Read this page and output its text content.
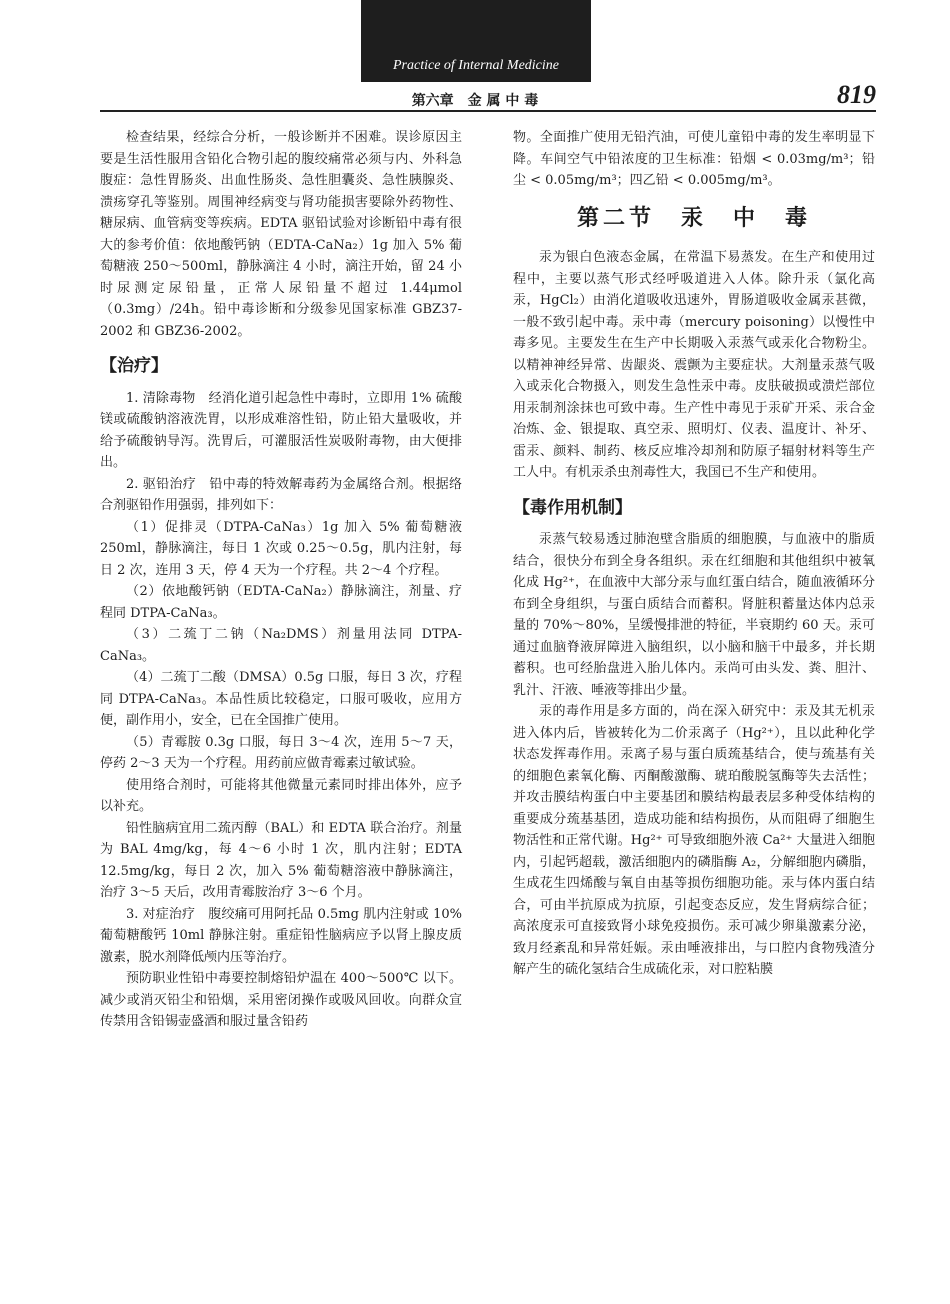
Practice of Internal Medicine
第六章　金 属 中 毒	819

检查结果，经综合分析，一般诊断并不困难。误诊原因主要是生活性服用含铅化合物引起的腹绞痛常必须与内、外科急腹症：急性胃肠炎、出血性肠炎、急性胆囊炎、急性胰腺炎、溃疡穿孔等鉴别。周围神经病变与肾功能损害要除外药物性、糖尿病、血管病变等疾病。EDTA 驱铅试验对诊断铅中毒有很大的参考价值：依地酸钙钠（EDTA-CaNa₂）1g 加入 5% 葡萄糖液 250～500ml，静脉滴注 4 小时，滴注开始，留 24 小时尿测定尿铅量，正常人尿铅量不超过 1.44μmol（0.3mg）/24h。铅中毒诊断和分级参见国家标准 GBZ37-2002 和 GBZ36-2002。

【治疗】

1. 清除毒物　经消化道引起急性中毒时，立即用 1% 硫酸镁或硫酸钠溶液洗胃，以形成难溶性铅，防止铅大量吸收，并给予硫酸钠导泻。洗胃后，可灌服活性炭吸附毒物，由大便排出。

2. 驱铅治疗　铅中毒的特效解毒药为金属络合剂。根据络合剂驱铅作用强弱，排列如下：

（1）促排灵（DTPA-CaNa₃）1g 加入 5% 葡萄糖液 250ml，静脉滴注，每日 1 次或 0.25～0.5g，肌内注射，每日 2 次，连用 3 天，停 4 天为一个疗程。共 2～4 个疗程。

（2）依地酸钙钠（EDTA-CaNa₂）静脉滴注，剂量、疗程同 DTPA-CaNa₃。

（3）二巯丁二钠（Na₂DMS）剂量用法同 DTPA-CaNa₃。

（4）二巯丁二酸（DMSA）0.5g 口服，每日 3 次，疗程同 DTPA-CaNa₃。本品性质比较稳定，口服可吸收，应用方便，副作用小，安全，已在全国推广使用。

（5）青霉胺 0.3g 口服，每日 3～4 次，连用 5～7 天，停药 2～3 天为一个疗程。用药前应做青霉素过敏试验。

使用络合剂时，可能将其他微量元素同时排出体外，应予以补充。

铅性脑病宜用二巯丙醇（BAL）和 EDTA 联合治疗。剂量为 BAL 4mg/kg，每 4～6 小时 1 次，肌内注射；EDTA 12.5mg/kg，每日 2 次，加入 5% 葡萄糖溶液中静脉滴注，治疗 3～5 天后，改用青霉胺治疗 3～6 个月。

3. 对症治疗　腹绞痛可用阿托品 0.5mg 肌内注射或 10% 葡萄糖酸钙 10ml 静脉注射。重症铅性脑病应予以肾上腺皮质激素，脱水剂降低颅内压等治疗。

预防职业性铅中毒要控制熔铅炉温在 400～500℃ 以下。减少或消灭铅尘和铅烟，采用密闭操作或吸风回收。向群众宣传禁用含铅锡壶盛酒和服过量含铅药

物。全面推广使用无铅汽油，可使儿童铅中毒的发生率明显下降。车间空气中铅浓度的卫生标准：铅烟 < 0.03mg/m³；铅尘 < 0.05mg/m³；四乙铅 < 0.005mg/m³。

第二节　汞　中　毒

汞为银白色液态金属，在常温下易蒸发。在生产和使用过程中，主要以蒸气形式经呼吸道进入人体。除升汞（氯化高汞，HgCl₂）由消化道吸收迅速外，胃肠道吸收金属汞甚微，一般不致引起中毒。汞中毒（mercury poisoning）以慢性中毒多见。主要发生在生产中长期吸入汞蒸气或汞化合物粉尘。以精神神经异常、齿龈炎、震颤为主要症状。大剂量汞蒸气吸入或汞化合物摄入，则发生急性汞中毒。皮肤破损或溃烂部位用汞制剂涂抹也可致中毒。生产性中毒见于汞矿开采、汞合金冶炼、金、银提取、真空汞、照明灯、仪表、温度计、补牙、雷汞、颜料、制药、核反应堆冷却剂和防原子辐射材料等生产工人中。有机汞杀虫剂毒性大，我国已不生产和使用。

【毒作用机制】

汞蒸气较易透过肺泡壁含脂质的细胞膜，与血液中的脂质结合，很快分布到全身各组织。汞在红细胞和其他组织中被氧化成 Hg²⁺，在血液中大部分汞与血红蛋白结合，随血液循环分布到全身组织，与蛋白质结合而蓄积。肾脏积蓄量达体内总汞量的 70%～80%，呈缓慢排泄的特征，半衰期约 60 天。汞可通过血脑脊液屏障进入脑组织，以小脑和脑干中最多，并长期蓄积。也可经胎盘进入胎儿体内。汞尚可由头发、粪、胆汁、乳汁、汗液、唾液等排出少量。

汞的毒作用是多方面的，尚在深入研究中：汞及其无机汞进入体内后，皆被转化为二价汞离子（Hg²⁺），且以此种化学状态发挥毒作用。汞离子易与蛋白质巯基结合，使与巯基有关的细胞色素氧化酶、丙酮酸激酶、琥珀酸脱氢酶等失去活性；并攻击膜结构蛋白中主要基团和膜结构最表层多种受体结构的重要成分巯基基团，造成功能和结构损伤，从而阻碍了细胞生物活性和正常代谢。Hg²⁺ 可导致细胞外液 Ca²⁺ 大量进入细胞内，引起钙超载，激活细胞内的磷脂酶 A₂，分解细胞内磷脂，生成花生四烯酸与氧自由基等损伤细胞功能。汞与体内蛋白结合，可由半抗原成为抗原，引起变态反应，发生肾病综合征；高浓度汞可直接致肾小球免疫损伤。汞可减少卵巢激素分泌，致月经紊乱和异常妊娠。汞由唾液排出，与口腔内食物残渣分解产生的硫化氢结合生成硫化汞，对口腔粘膜
